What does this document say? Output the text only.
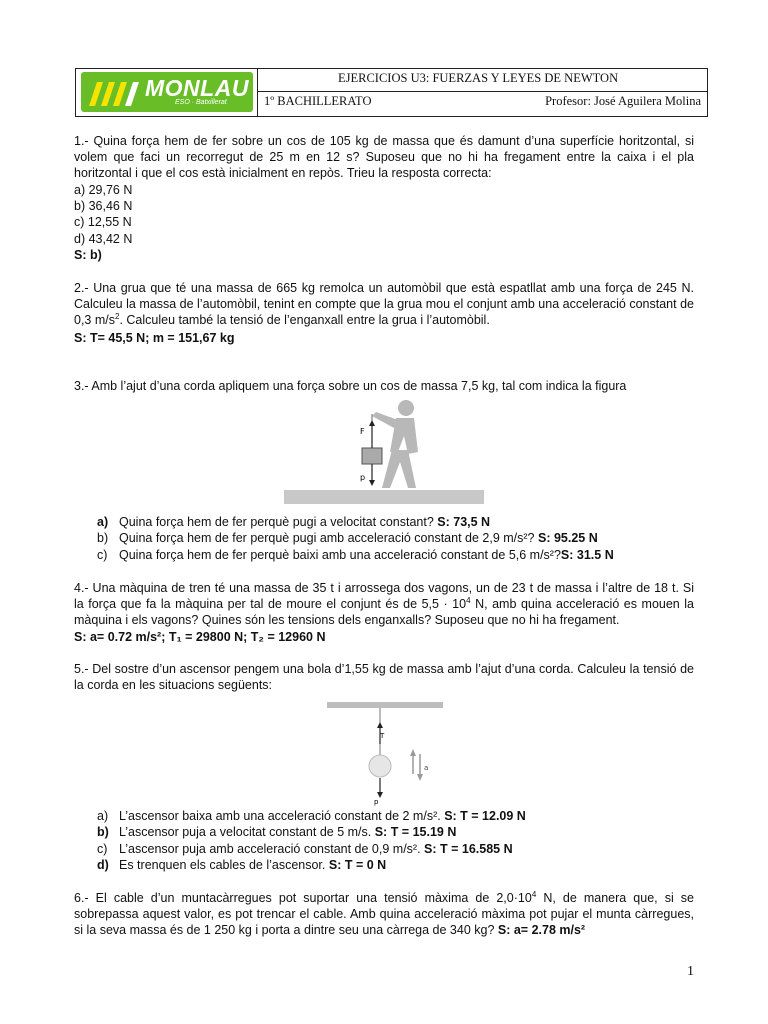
MONLAU
ESO · Batxillerat
EJERCICIOS U3: FUERZAS Y LEYES DE NEWTON
1º BACHILLERATO	Profesor: José Aguilera Molina
1.- Quina força hem de fer sobre un cos de 105 kg de massa que és damunt d’una superfície horitzontal, si volem que faci un recorregut de 25 m en 12 s? Suposeu que no hi ha fregament entre la caixa i el pla horitzontal i que el cos està inicialment en repòs. Trieu la resposta correcta:
a) 29,76 N
b) 36,46 N
c) 12,55 N
d) 43,42 N
S: b)
2.- Una grua que té una massa de 665 kg remolca un automòbil que està espatllat amb una força de 245 N. Calculeu la massa de l’automòbil, tenint en compte que la grua mou el conjunt amb una acceleració constant de 0,3 $m/s^2$. Calculeu també la tensió de l’enganxall entre la grua i l’automòbil.
S: T= 45,5 N; m = 151,67 kg
3.- Amb l’ajut d’una corda apliquem una força sobre un cos de massa 7,5 kg, tal com indica la figura
F
p
a) Quina força hem de fer perquè pugi a velocitat constant? S: 73,5 N
b) Quina força hem de fer perquè pugi amb acceleració constant de 2,9 m/s²? S: 95.25 N
c) Quina força hem de fer perquè baixi amb una acceleració constant de 5,6 m/s²?S: 31.5 N
4.- Una màquina de tren té una massa de 35 t i arrossega dos vagons, un de 23 t de massa i l’altre de 18 t. Si la força que fa la màquina per tal de moure el conjunt és de $5,5 \cdot 10^4$ N, amb quina acceleració es mouen la màquina i els vagons? Quines són les tensions dels enganxalls? Suposeu que no hi ha fregament.
S: a= 0.72 m/s²; T₁ = 29800 N; T₂ = 12960 N
5.- Del sostre d’un ascensor pengem una bola d’1,55 kg de massa amb l’ajut d’una corda. Calculeu la tensió de la corda en les situacions següents:
T
p
a
a) L’ascensor baixa amb una acceleració constant de 2 m/s². S: T = 12.09 N
b) L’ascensor puja a velocitat constant de 5 m/s. S: T = 15.19 N
c) L’ascensor puja amb acceleració constant de 0,9 m/s². S: T = 16.585 N
d) Es trenquen els cables de l’ascensor. S: T = 0 N
6.- El cable d’un muntacàrregues pot suportar una tensió màxima de $2,0\cdot 10^4$ N, de manera que, si se sobrepassa aquest valor, es pot trencar el cable. Amb quina acceleració màxima pot pujar el munta càrregues, si la seva massa és de 1 250 kg i porta a dintre seu una càrrega de 340 kg? S: a= 2.78 m/s²
1
